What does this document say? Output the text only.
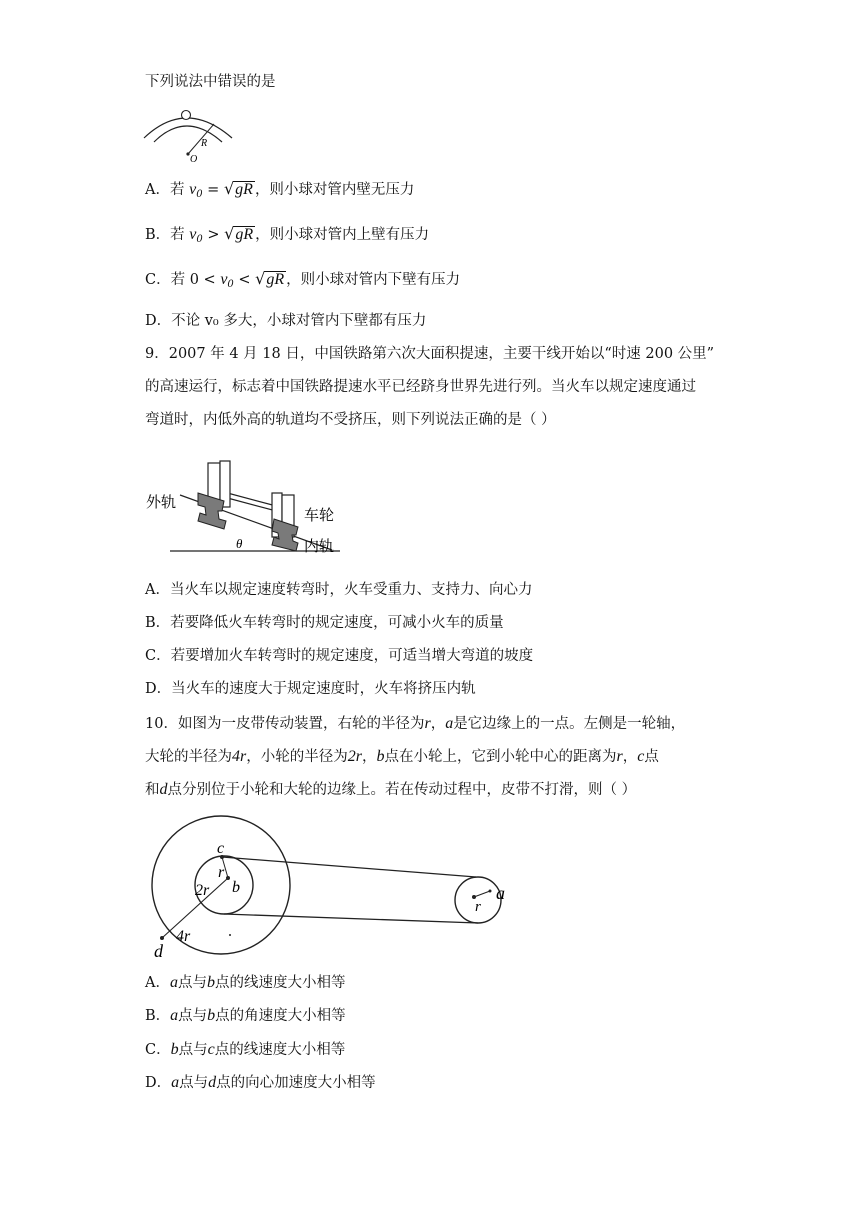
下列说法中错误的是
R
O
A．若 $v_0 = √gR$ ，则小球对管内壁无压力
B．若 $v_0 > √gR$ ，则小球对管内上壁有压力
C．若 $0 < v_0 < √gR$ ，则小球对管内下壁有压力
D．不论 v₀ 多大，小球对管内下壁都有压力
9．2007 年 4 月 18 日，中国铁路第六次大面积提速，主要干线开始以“时速 200 公里”
的高速运行，标志着中国铁路提速水平已经跻身世界先进行列。当火车以规定速度通过
弯道时，内低外高的轨道均不受挤压，则下列说法正确的是（ ）
外轨
车轮
内轨
θ
A．当火车以规定速度转弯时，火车受重力、支持力、向心力
B．若要降低火车转弯时的规定速度，可减小火车的质量
C．若要增加火车转弯时的规定速度，可适当增大弯道的坡度
D．当火车的速度大于规定速度时，火车将挤压内轨
10．如图为一皮带传动装置，右轮的半径为r，a是它边缘上的一点。左侧是一轮轴，
大轮的半径为4r，小轮的半径为2r，b点在小轮上，它到小轮中心的距离为r，c点
和d点分别位于小轮和大轮的边缘上。若在传动过程中，皮带不打滑，则（ ）
c
r
2r b
4r
d
a
r
A．a点与b点的线速度大小相等
B．a点与b点的角速度大小相等
C．b点与c点的线速度大小相等
D．a点与d点的向心加速度大小相等
